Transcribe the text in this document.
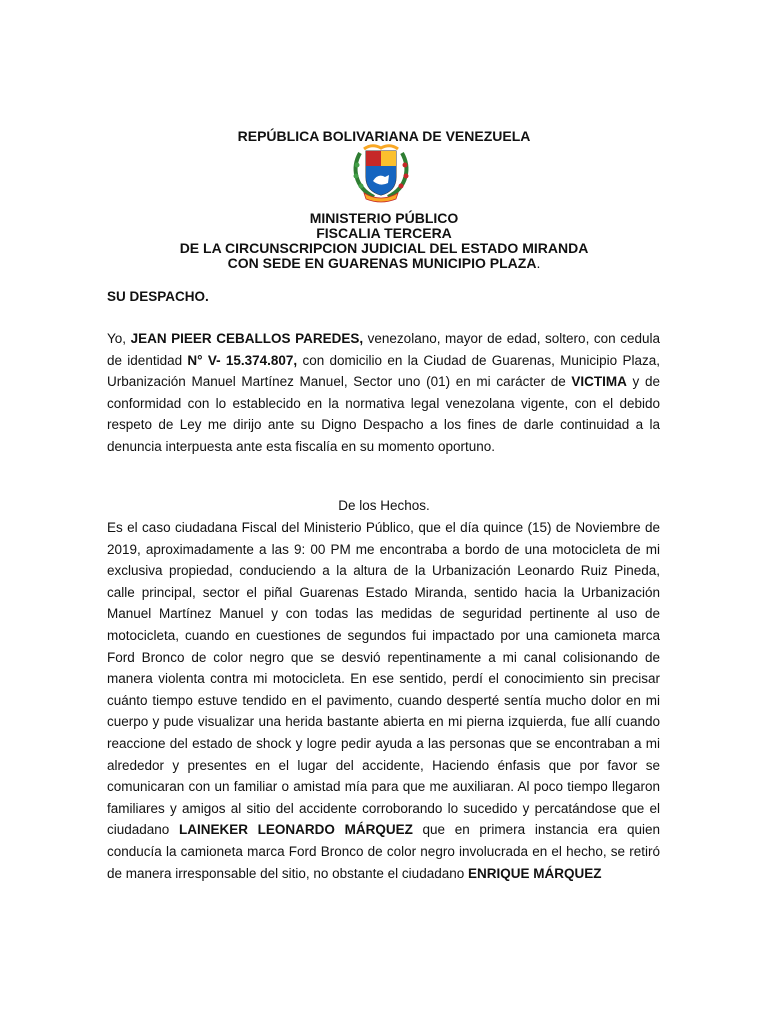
REPÚBLICA BOLIVARIANA DE VENEZUELA
MINISTERIO PÚBLICO
FISCALIA TERCERA
DE LA CIRCUNSCRIPCION JUDICIAL DEL ESTADO MIRANDA
CON SEDE EN GUARENAS MUNICIPIO PLAZA.

SU DESPACHO.

Yo, JEAN PIEER CEBALLOS PAREDES, venezolano, mayor de edad, soltero, con cedula de identidad N° V- 15.374.807, con domicilio en la Ciudad de Guarenas, Municipio Plaza, Urbanización Manuel Martínez Manuel, Sector uno (01) en mi carácter de VICTIMA y de conformidad con lo establecido en la normativa legal venezolana vigente, con el debido respeto de Ley me dirijo ante su Digno Despacho a los fines de darle continuidad a la denuncia interpuesta ante esta fiscalía en su momento oportuno.

De los Hechos.

Es el caso ciudadana Fiscal del Ministerio Público, que el día quince (15) de Noviembre de 2019, aproximadamente a las 9: 00 PM me encontraba a bordo de una motocicleta de mi exclusiva propiedad, conduciendo a la altura de la Urbanización Leonardo Ruiz Pineda, calle principal, sector el piñal Guarenas Estado Miranda, sentido hacia la Urbanización Manuel Martínez Manuel y con todas las medidas de seguridad pertinente al uso de motocicleta, cuando en cuestiones de segundos fui impactado por una camioneta marca Ford Bronco de color negro que se desvió repentinamente a mi canal colisionando de manera violenta contra mi motocicleta. En ese sentido, perdí el conocimiento sin precisar cuánto tiempo estuve tendido en el pavimento, cuando desperté sentía mucho dolor en mi cuerpo y pude visualizar una herida bastante abierta en mi pierna izquierda, fue allí cuando reaccione del estado de shock y logre pedir ayuda a las personas que se encontraban a mi alrededor y presentes en el lugar del accidente, Haciendo énfasis que por favor se comunicaran con un familiar o amistad mía para que me auxiliaran. Al poco tiempo llegaron familiares y amigos al sitio del accidente corroborando lo sucedido y percatándose que el ciudadano LAINEKER LEONARDO MÁRQUEZ que en primera instancia era quien conducía la camioneta marca Ford Bronco de color negro involucrada en el hecho, se retiró de manera irresponsable del sitio, no obstante el ciudadano ENRIQUE MÁRQUEZ
